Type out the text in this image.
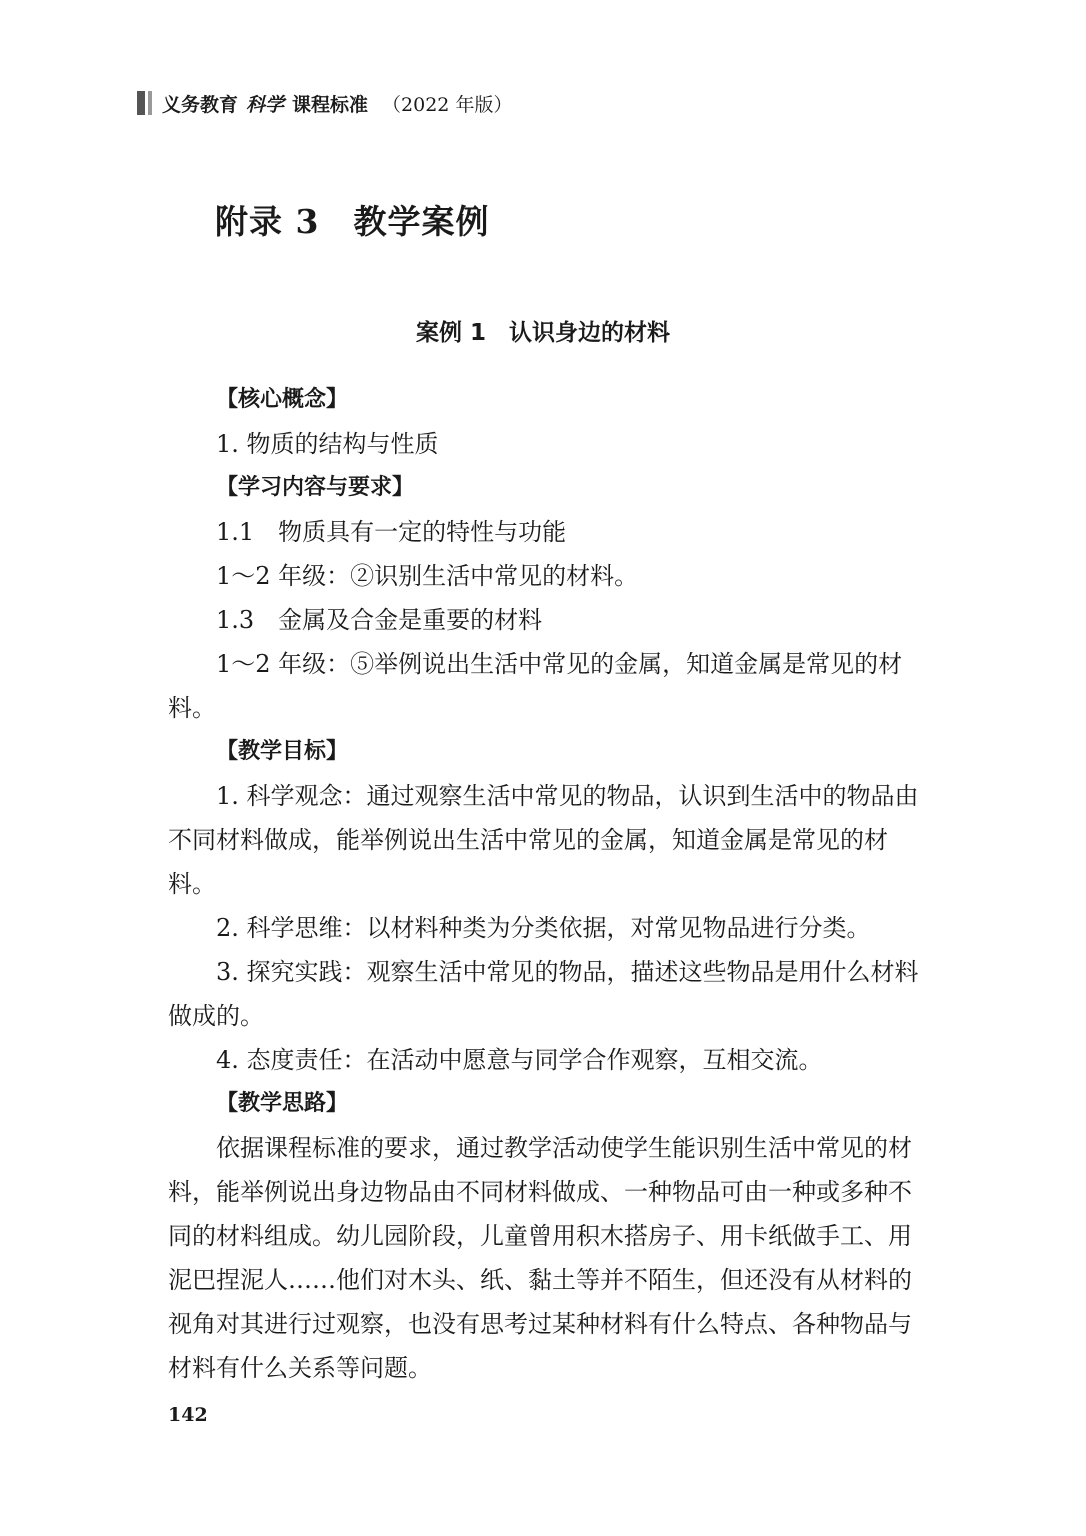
义务教育 科学 课程标准 （2022 年版）
附录 3　教学案例
案例 1　认识身边的材料

【核心概念】

1. 物质的结构与性质

【学习内容与要求】

1.1　物质具有一定的特性与功能

1～2 年级：②识别生活中常见的材料。

1.3　金属及合金是重要的材料

1～2 年级：⑤举例说出生活中常见的金属，知道金属是常见的材料。

【教学目标】

1. 科学观念：通过观察生活中常见的物品，认识到生活中的物品由不同材料做成，能举例说出生活中常见的金属，知道金属是常见的材料。

2. 科学思维：以材料种类为分类依据，对常见物品进行分类。

3. 探究实践：观察生活中常见的物品，描述这些物品是用什么材料做成的。

4. 态度责任：在活动中愿意与同学合作观察，互相交流。

【教学思路】

依据课程标准的要求，通过教学活动使学生能识别生活中常见的材料，能举例说出身边物品由不同材料做成、一种物品可由一种或多种不同的材料组成。幼儿园阶段，儿童曾用积木搭房子、用卡纸做手工、用泥巴捏泥人……他们对木头、纸、黏土等并不陌生，但还没有从材料的视角对其进行过观察，也没有思考过某种材料有什么特点、各种物品与材料有什么关系等问题。

142
